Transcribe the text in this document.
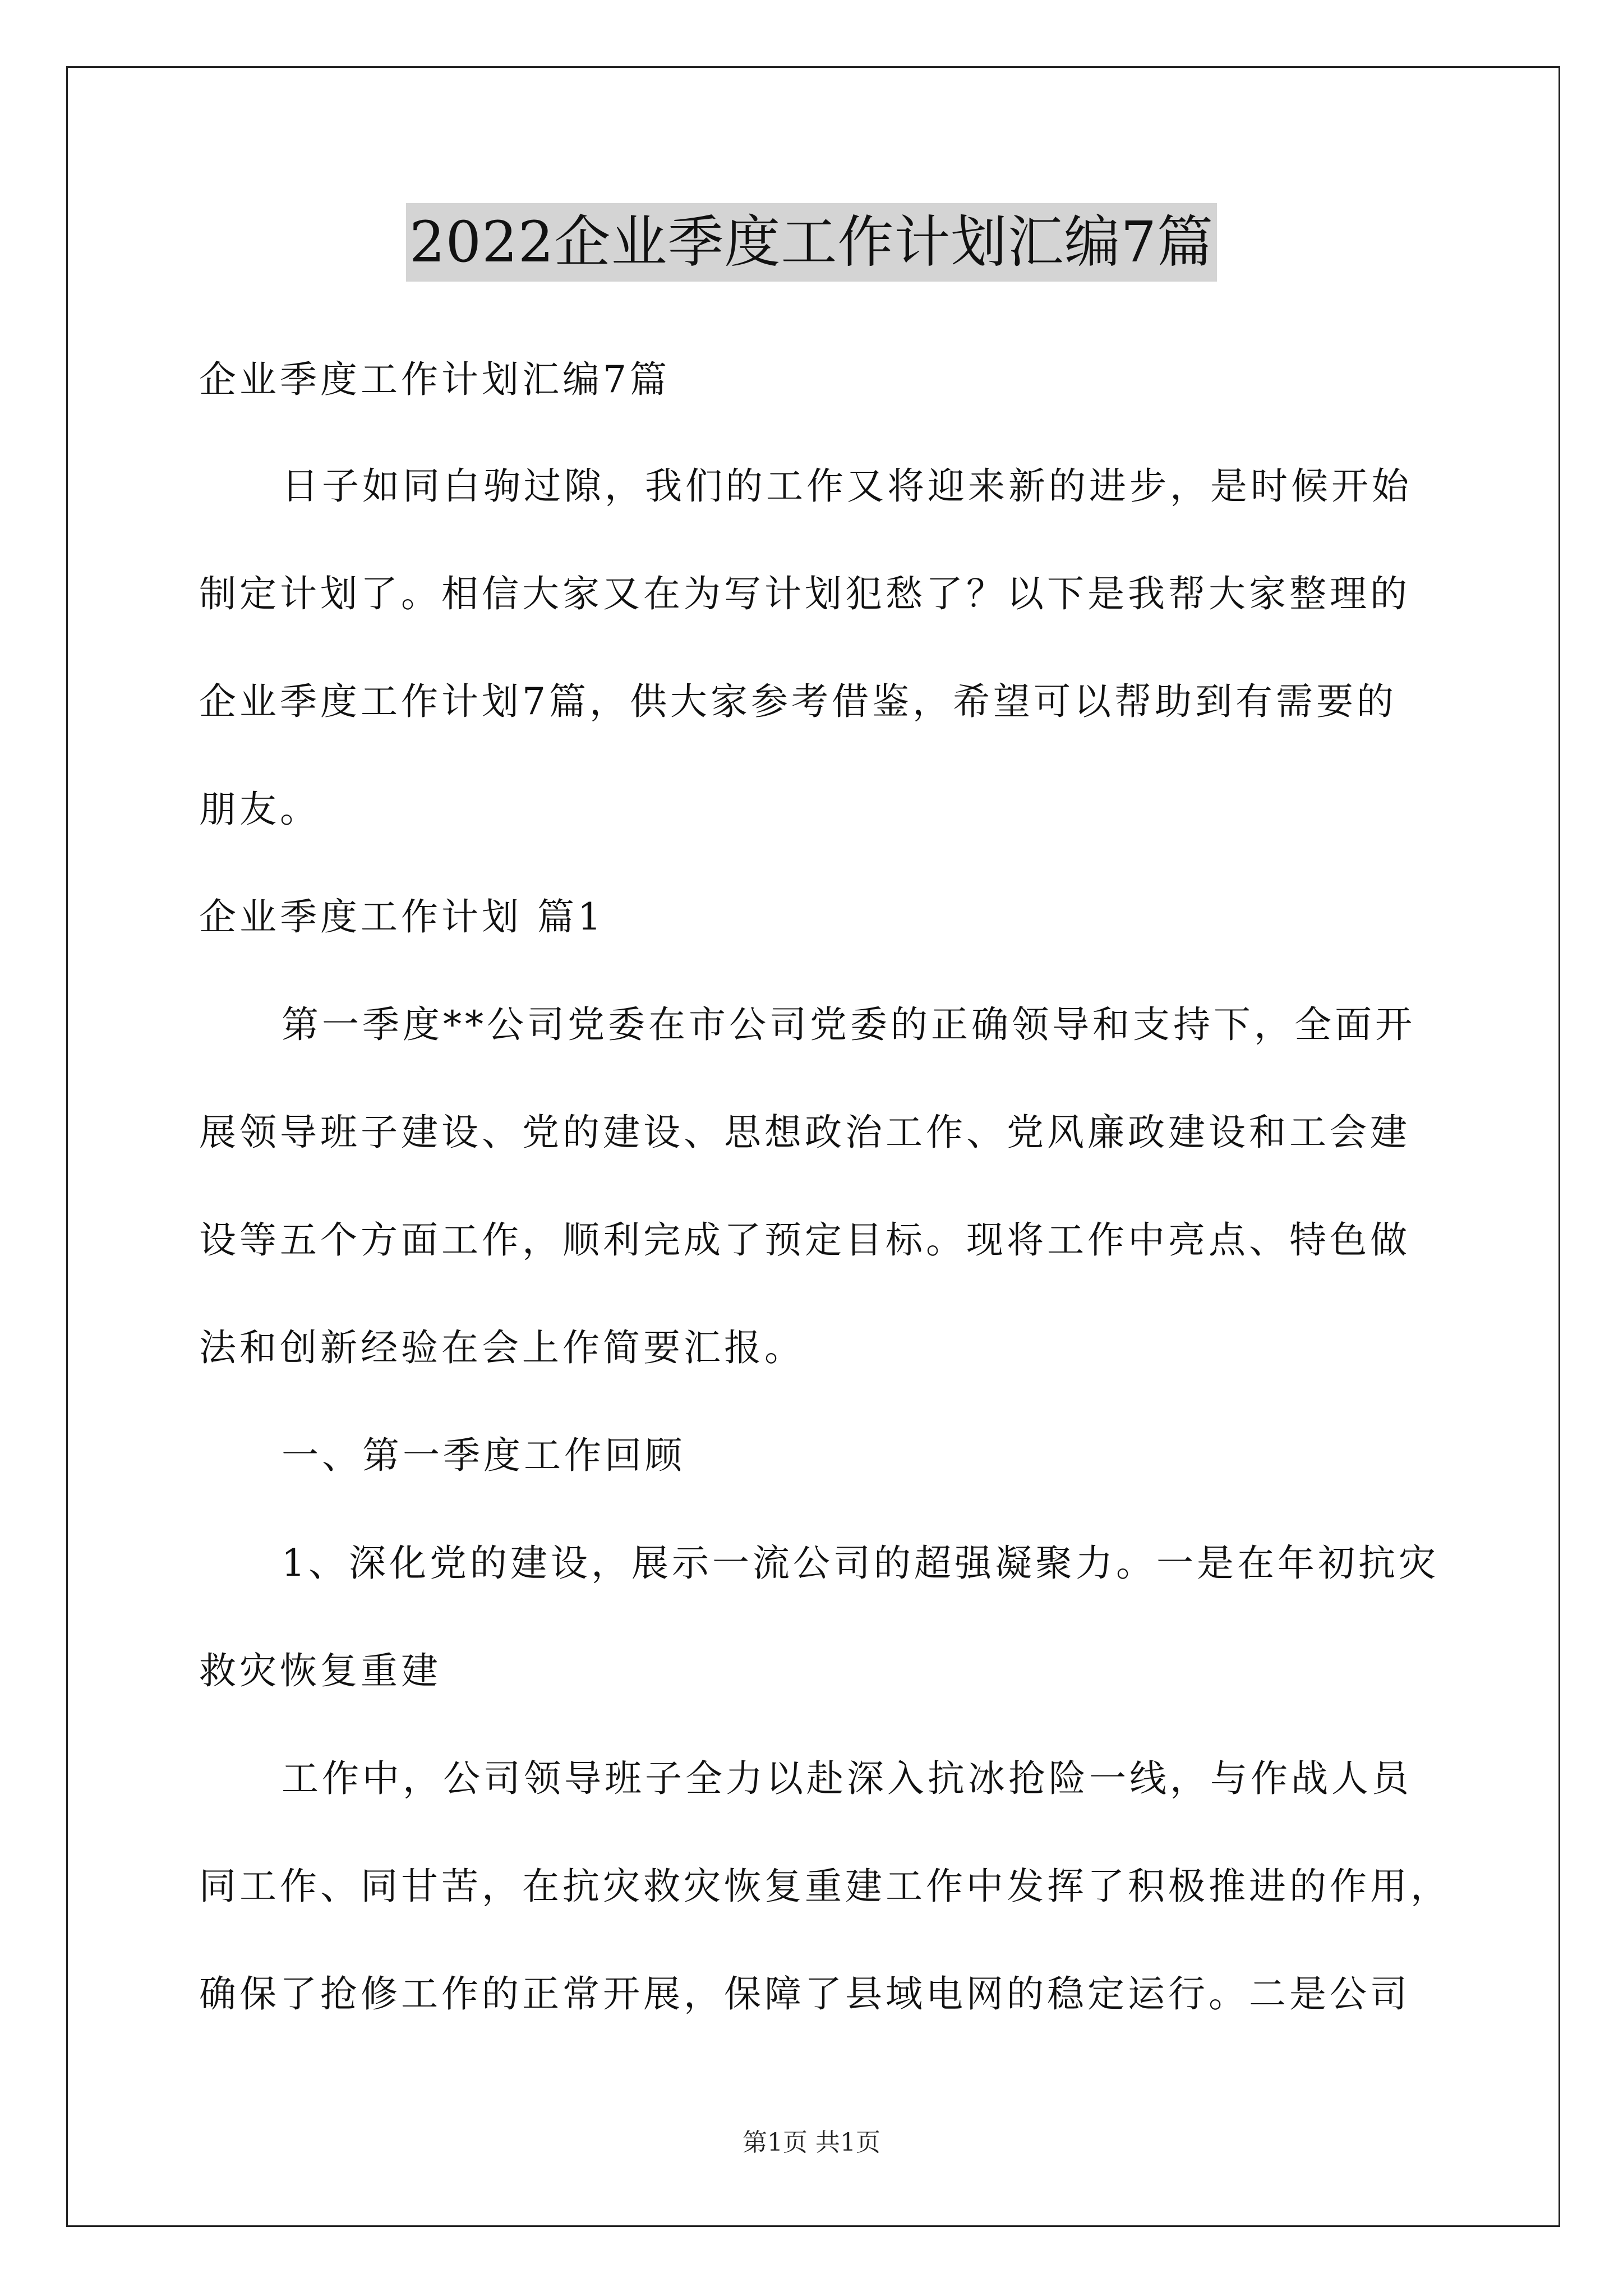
2022企业季度工作计划汇编7篇
企业季度工作计划汇编7篇
日子如同白驹过隙，我们的工作又将迎来新的进步，是时候开始
制定计划了。相信大家又在为写计划犯愁了？以下是我帮大家整理的
企业季度工作计划7篇，供大家参考借鉴，希望可以帮助到有需要的
朋友。
企业季度工作计划 篇1
第一季度**公司党委在市公司党委的正确领导和支持下，全面开
展领导班子建设、党的建设、思想政治工作、党风廉政建设和工会建
设等五个方面工作，顺利完成了预定目标。现将工作中亮点、特色做
法和创新经验在会上作简要汇报。
一、第一季度工作回顾
1、深化党的建设，展示一流公司的超强凝聚力。一是在年初抗灾
救灾恢复重建
工作中，公司领导班子全力以赴深入抗冰抢险一线，与作战人员
同工作、同甘苦，在抗灾救灾恢复重建工作中发挥了积极推进的作用，
确保了抢修工作的正常开展，保障了县域电网的稳定运行。二是公司
第1页 共1页
